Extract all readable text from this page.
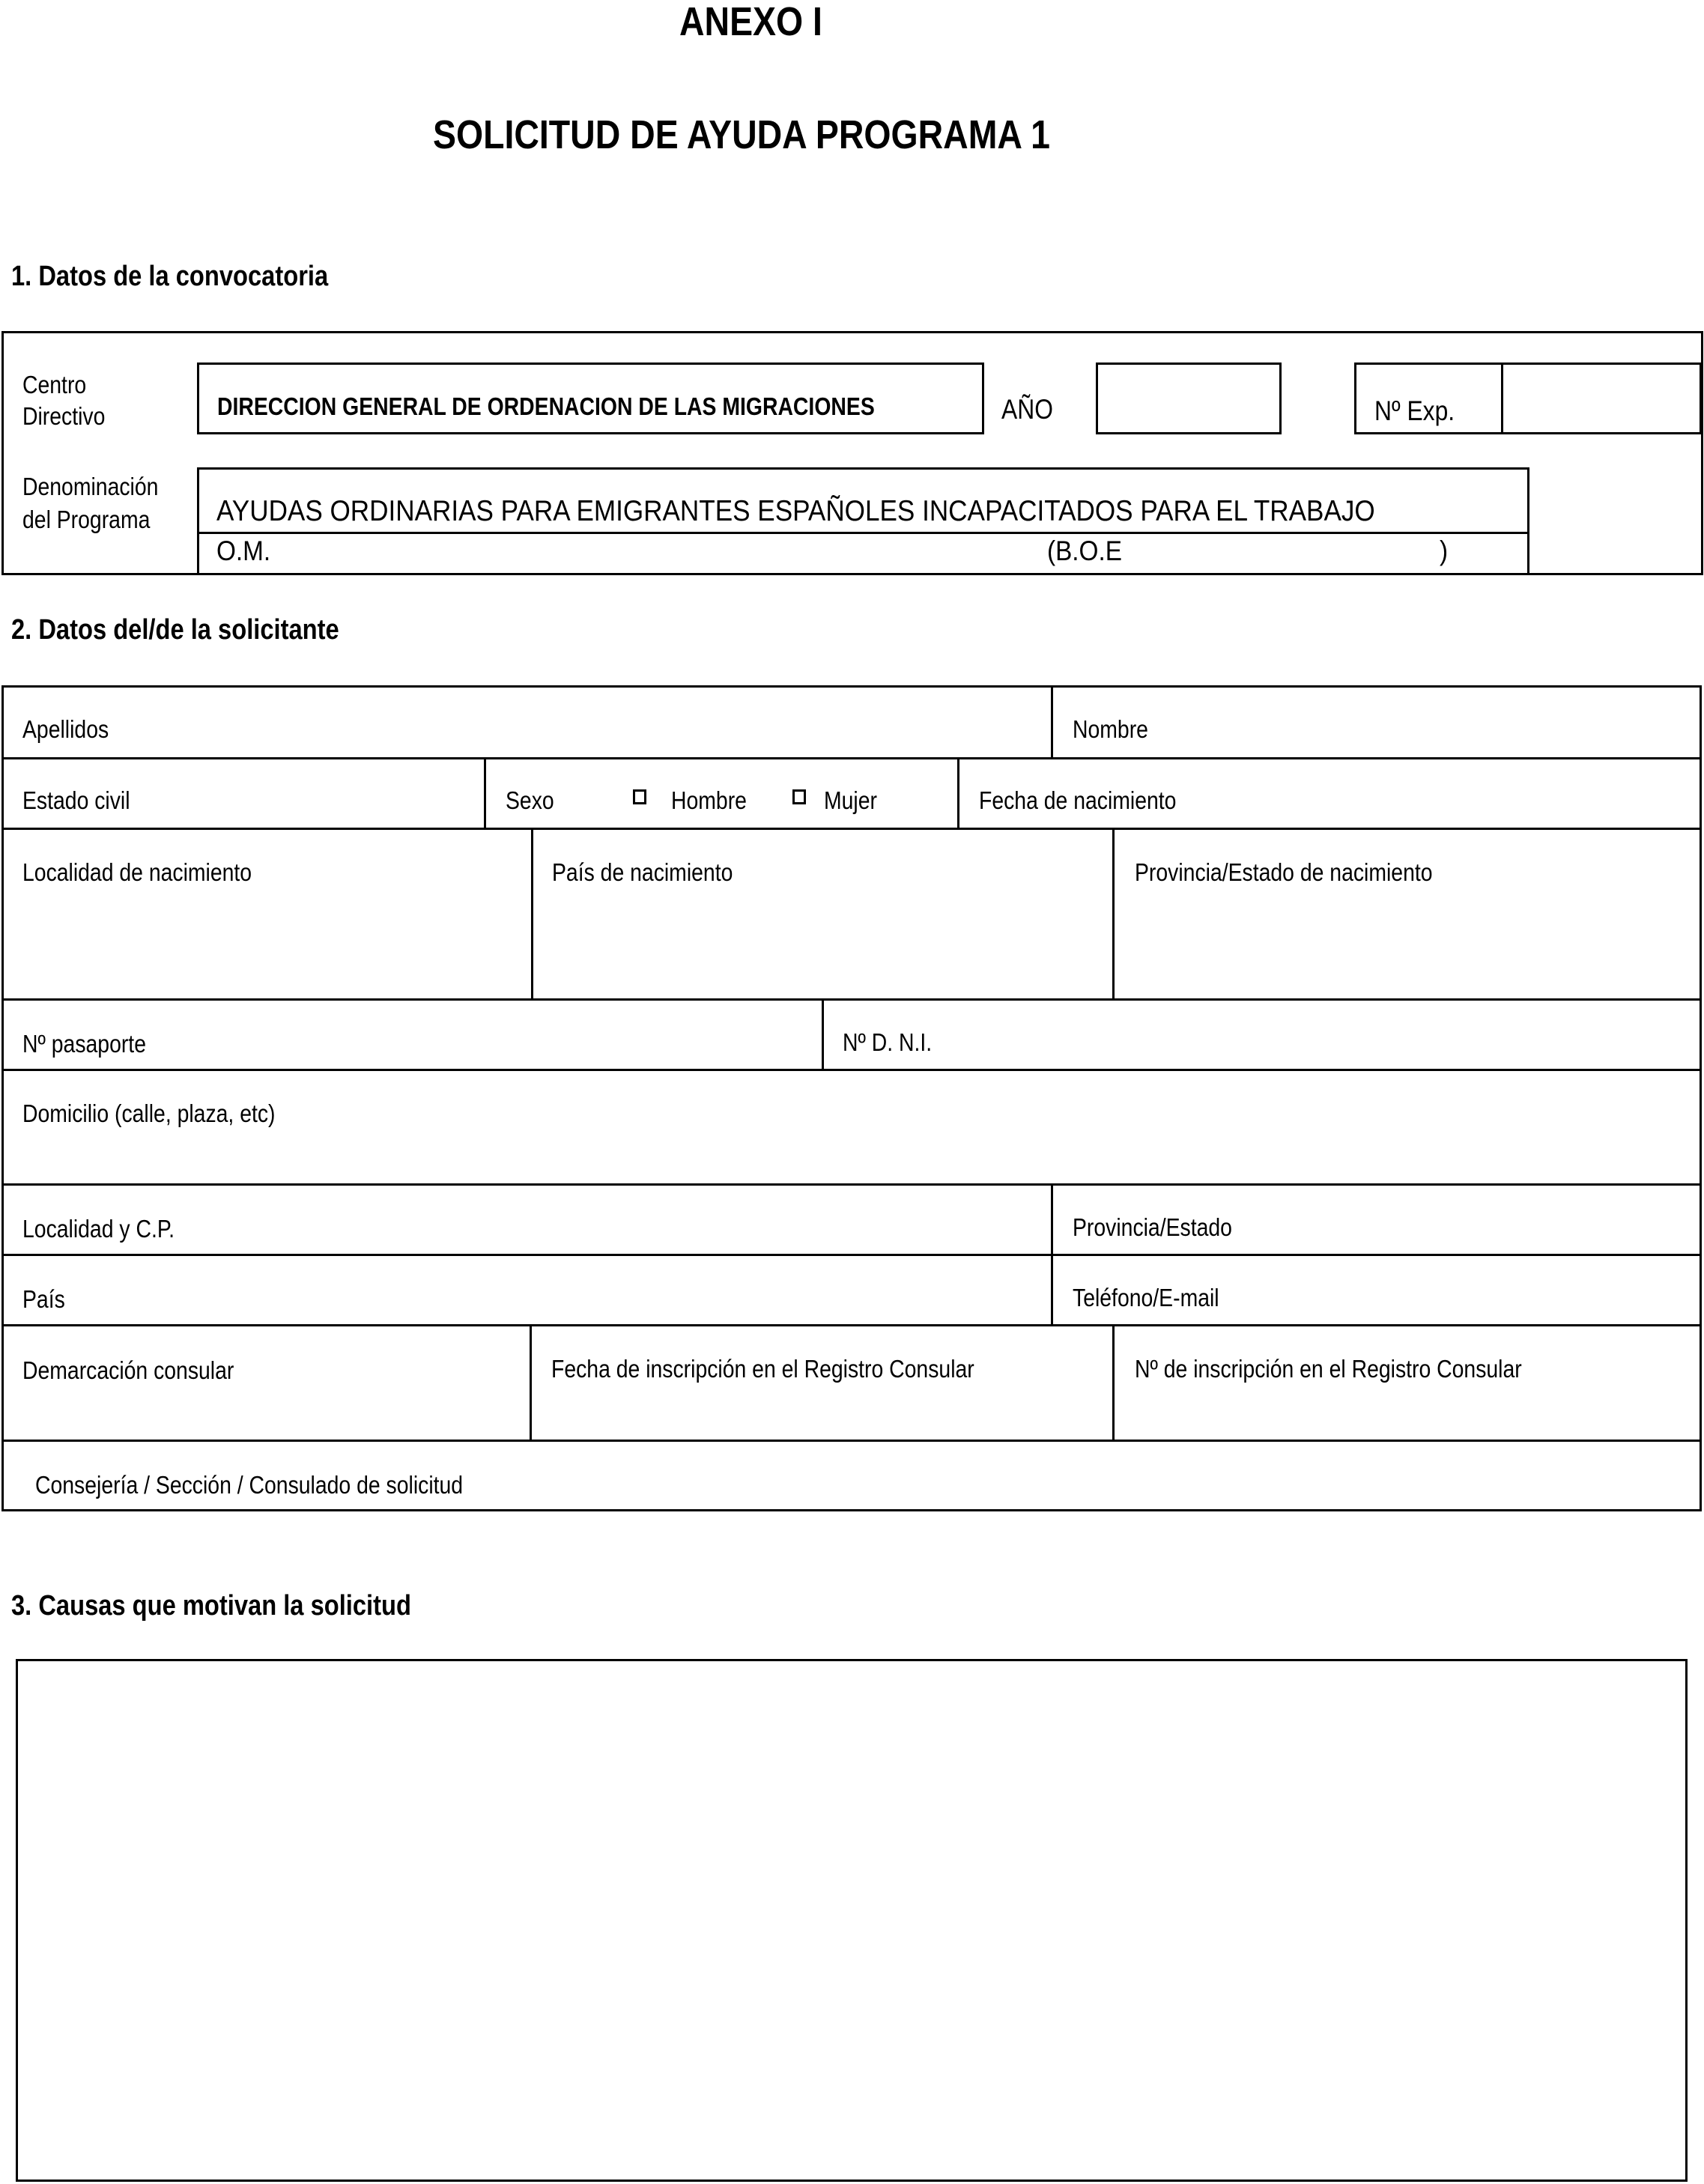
ANEXO I
SOLICITUD DE AYUDA PROGRAMA 1
1. Datos de la convocatoria
Centro
Directivo	DIRECCION GENERAL DE ORDENACION DE LAS MIGRACIONES	AÑO	Nº Exp.
Denominación
del Programa AYUDAS ORDINARIAS PARA EMIGRANTES ESPAÑOLES INCAPACITADOS PARA EL TRABAJO
O.M.	(B.O.E	)
2. Datos del/de la solicitante
Apellidos	Nombre
Estado civil	Sexo	Hombre	Mujer	Fecha de nacimiento
Localidad de nacimiento	País de nacimiento	Provincia/Estado de nacimiento
Nº pasaporte	Nº D. N.I.
Domicilio (calle, plaza, etc)
Localidad y C.P.	Provincia/Estado
País	Teléfono/E-mail
Demarcación consular	Fecha de inscripción en el Registro Consular	Nº de inscripción en el Registro Consular
Consejería / Sección / Consulado de solicitud
3. Causas que motivan la solicitud
